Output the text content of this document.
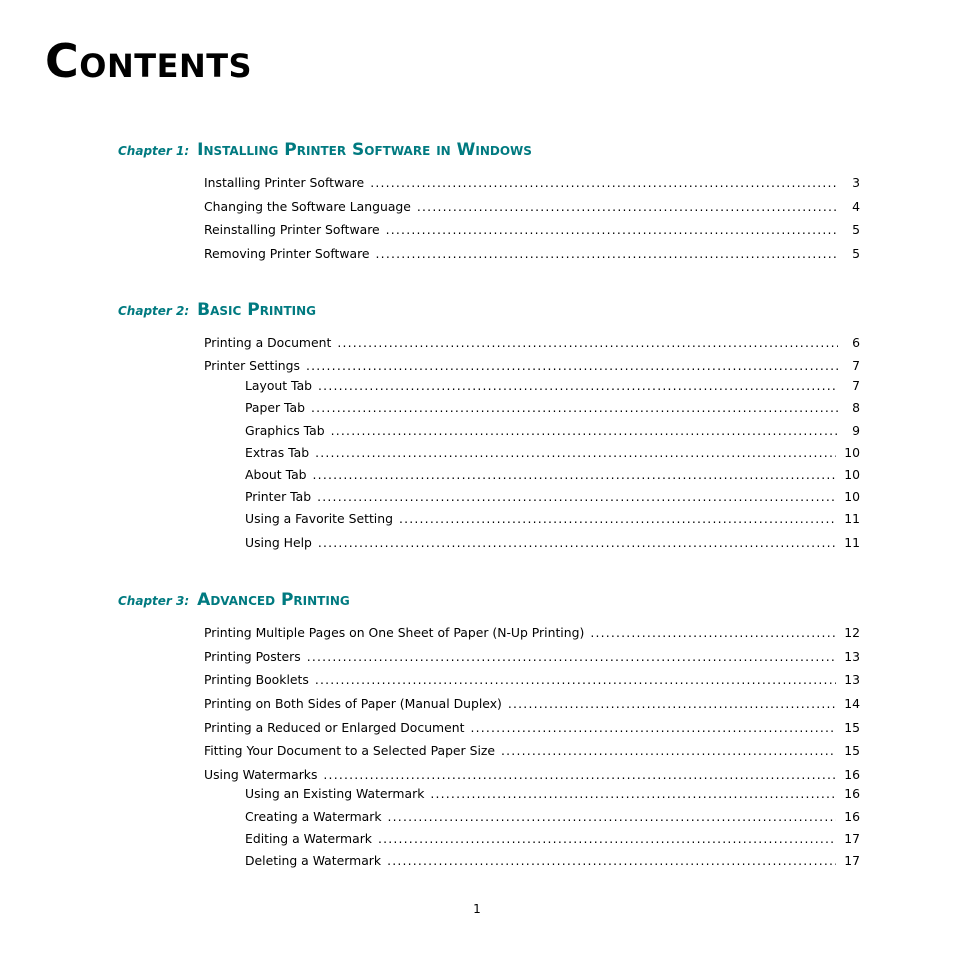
CONTENTS
Chapter 1: Installing Printer Software in Windows
Installing Printer Software .....	3
Changing the Software Language .....	4
Reinstalling Printer Software .....	5
Removing Printer Software .....	5
Chapter 2: Basic Printing
Printing a Document .....	6
Printer Settings .....	7
Layout Tab .....	7
Paper Tab .....	8
Graphics Tab .....	9
Extras Tab .....	10
About Tab .....	10
Printer Tab .....	10
Using a Favorite Setting .....	11
Using Help .....	11
Chapter 3: Advanced Printing
Printing Multiple Pages on One Sheet of Paper (N-Up Printing) .....	12
Printing Posters .....	13
Printing Booklets .....	13
Printing on Both Sides of Paper (Manual Duplex) .....	14
Printing a Reduced or Enlarged Document .....	15
Fitting Your Document to a Selected Paper Size .....	15
Using Watermarks .....	16
Using an Existing Watermark .....	16
Creating a Watermark .....	16
Editing a Watermark .....	17
Deleting a Watermark .....	17
1
